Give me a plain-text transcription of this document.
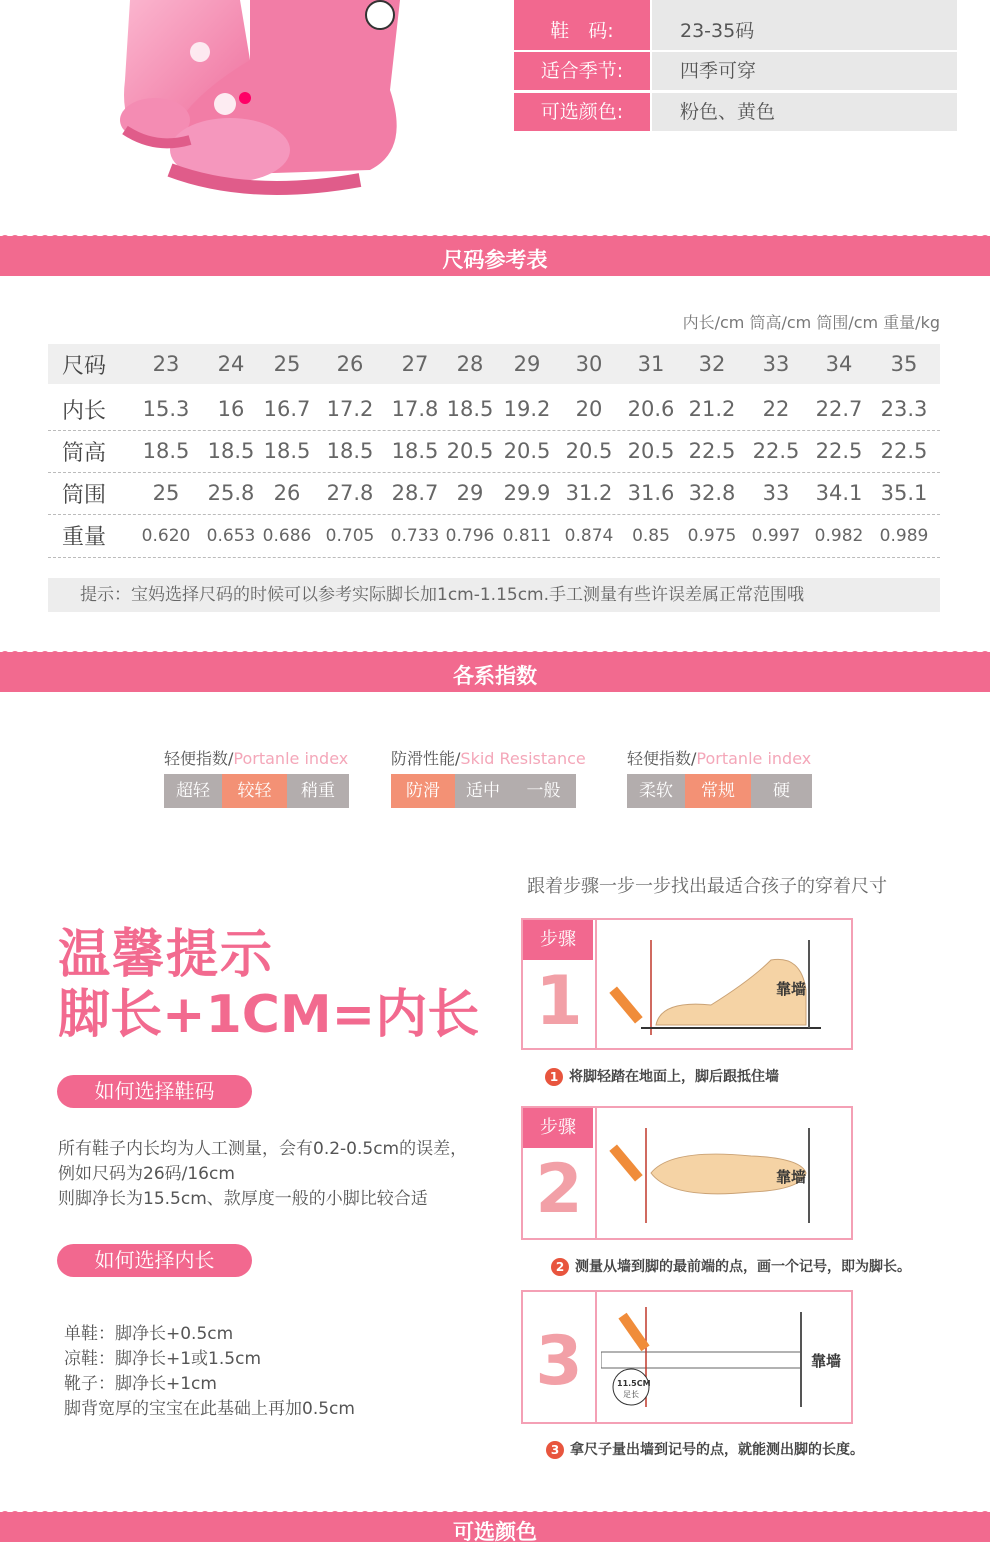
鞋　码:	23-35码
适合季节:	四季可穿
可选颜色:	粉色、黄色
尺码参考表
内长/cm 筒高/cm 筒围/cm 重量/kg
尺码	23	24	25	26	27	28	29	30	31	32	33	34	35
内长	15.3	16 16.7 17.2 17.8 18.5 19.2	20	20.6 21.2	22	22.7 23.3
筒高	18.5 18.5 18.5 18.5 18.5 20.5 20.5 20.5 20.5 22.5 22.5 22.5 22.5
筒围	25	25.8 26	27.8 28.7 29 29.9 31.2 31.6 32.8	33	34.1 35.1
重量	0.620 0.653 0.686 0.705 0.733 0.796 0.811 0.874	0.85	0.975 0.997 0.982 0.989
提示：宝妈选择尺码的时候可以参考实际脚长加1cm-1.15cm.手工测量有些许误差属正常范围哦
各系指数
轻便指数/Portanle index
超轻	较轻	稍重
防滑性能/Skid Resistance
防滑	适中	一般
轻便指数/Portanle index
柔软	常规	硬
温馨提示
脚长+1CM=内长
如何选择鞋码
所有鞋子内长均为人工测量，会有0.2-0.5cm的误差，
例如尺码为26码/16cm
则脚净长为15.5cm、款厚度一般的小脚比较合适
如何选择内长
单鞋：脚净长+0.5cm
凉鞋：脚净长+1或1.5cm
靴子：脚净长+1cm
脚背宽厚的宝宝在此基础上再加0.5cm
跟着步骤一步一步找出最适合孩子的穿着尺寸
步骤
1	靠墙
1 将脚轻踏在地面上，脚后跟抵住墙
步骤
2	靠墙
2 测量从墙到脚的最前端的点，画一个记号，即为脚长。
3	11.5CM
足长
靠墙
3 拿尺子量出墙到记号的点，就能测出脚的长度。
可选颜色
